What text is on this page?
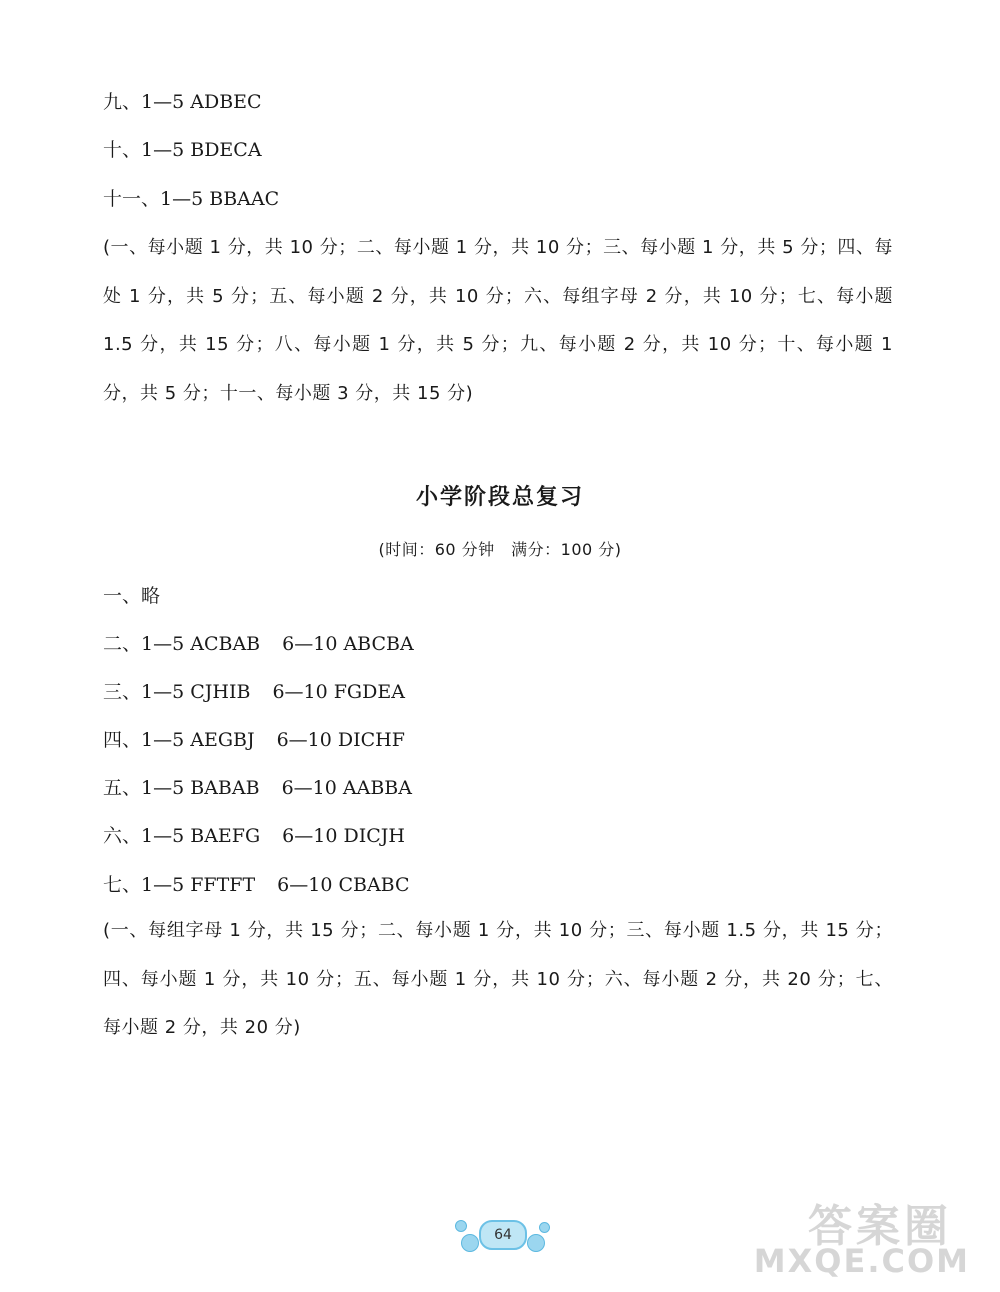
九、1—5 ADBEC
十、1—5 BDECA
十一、1—5 BBAAC
(一、每小题 1 分，共 10 分；二、每小题 1 分，共 10 分；三、每小题 1 分，共 5 分；四、每处 1 分，共 5 分；五、每小题 2 分，共 10 分；六、每组字母 2 分，共 10 分；七、每小题 1.5 分，共 15 分；八、每小题 1 分，共 5 分；九、每小题 2 分，共 10 分；十、每小题 1 分，共 5 分；十一、每小题 3 分，共 15 分)
小学阶段总复习
(时间：60 分钟　满分：100 分)
一、略
二、1—5 ACBAB 6—10 ABCBA
三、1—5 CJHIB 6—10 FGDEA
四、1—5 AEGBJ 6—10 DICHF
五、1—5 BABAB 6—10 AABBA
六、1—5 BAEFG 6—10 DICJH
七、1—5 FFTFT 6—10 CBABC
(一、每组字母 1 分，共 15 分；二、每小题 1 分，共 10 分；三、每小题 1.5 分，共 15 分；四、每小题 1 分，共 10 分；五、每小题 1 分，共 10 分；六、每小题 2 分，共 20 分；七、每小题 2 分，共 20 分)
64	答案圈
MXQE.COM
